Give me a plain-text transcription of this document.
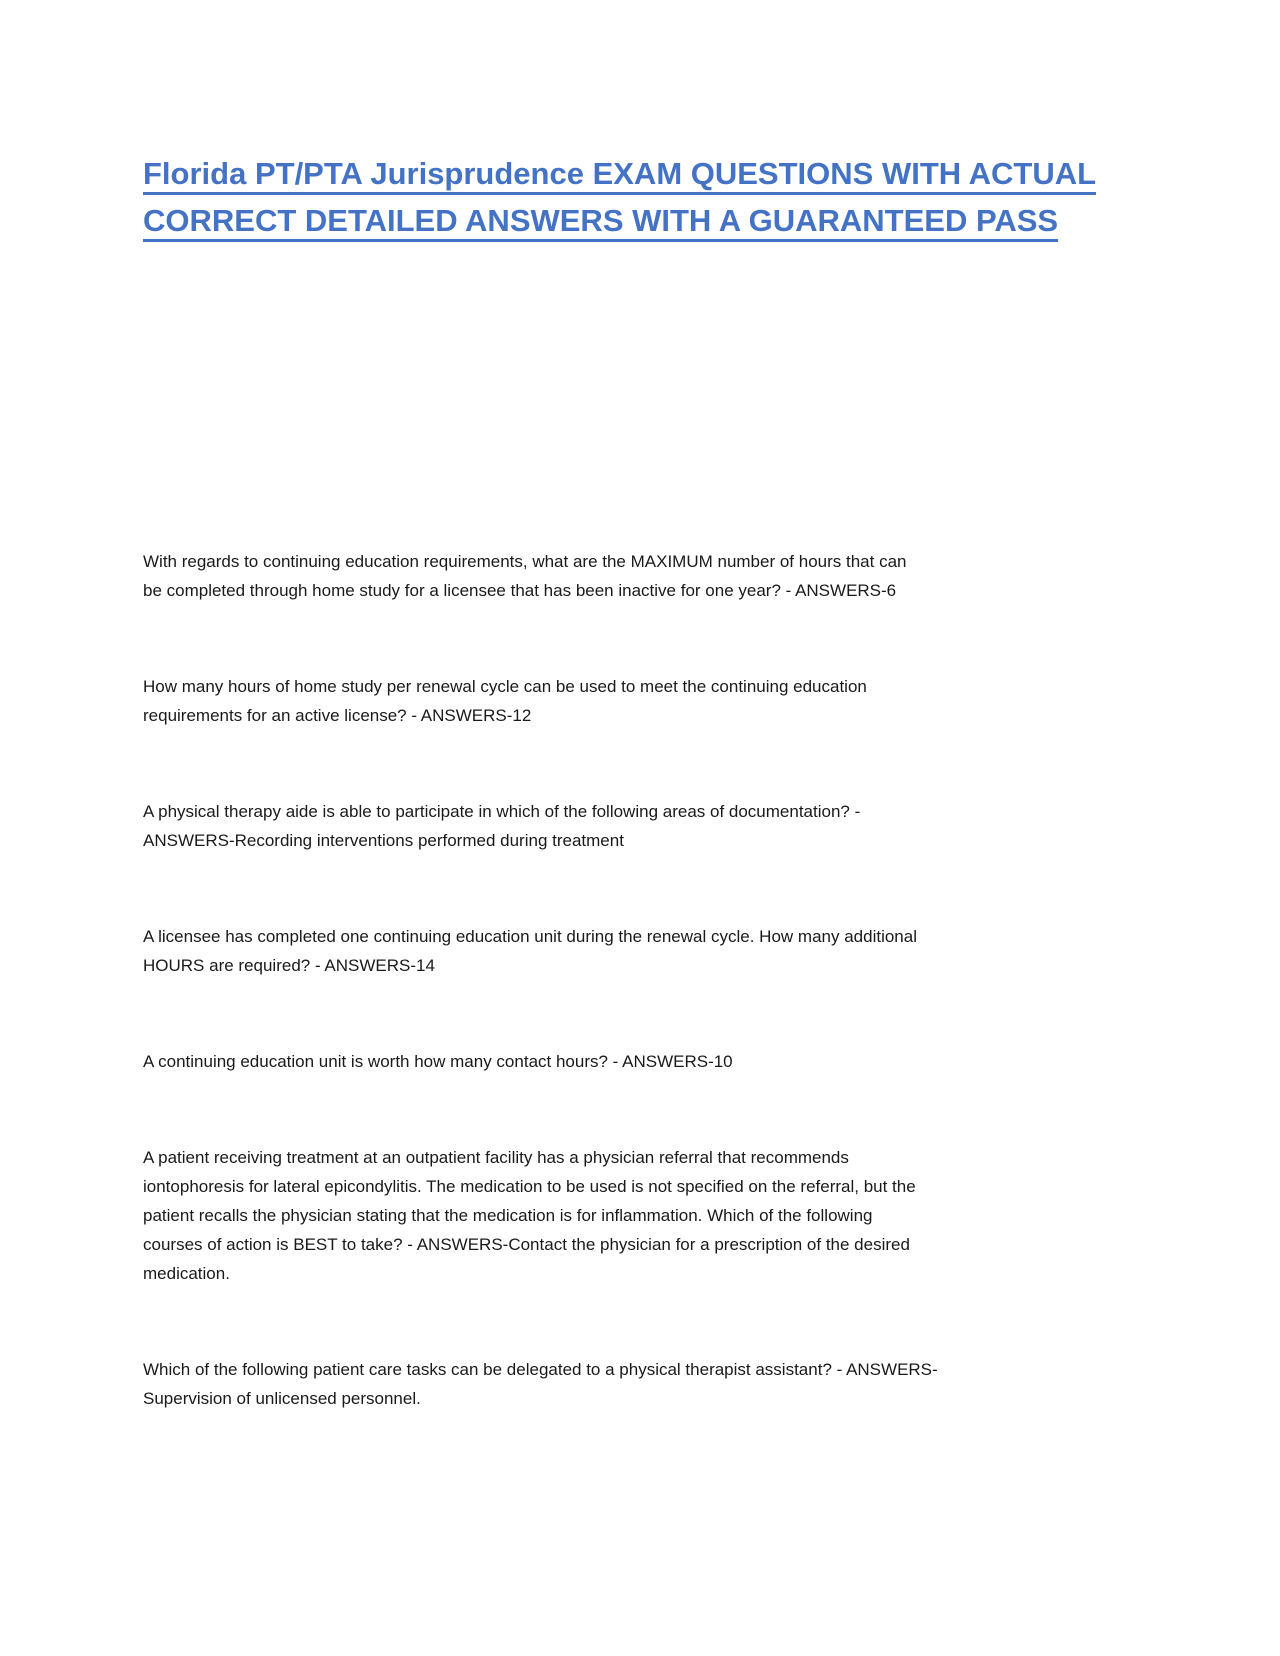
Florida PT/PTA Jurisprudence EXAM QUESTIONS WITH ACTUAL
CORRECT DETAILED ANSWERS WITH A GUARANTEED PASS

With regards to continuing education requirements, what are the MAXIMUM number of hours that can
be completed through home study for a licensee that has been inactive for one year? - ANSWERS-6

How many hours of home study per renewal cycle can be used to meet the continuing education
requirements for an active license? - ANSWERS-12

A physical therapy aide is able to participate in which of the following areas of documentation? -
ANSWERS-Recording interventions performed during treatment

A licensee has completed one continuing education unit during the renewal cycle. How many additional
HOURS are required? - ANSWERS-14

A continuing education unit is worth how many contact hours? - ANSWERS-10

A patient receiving treatment at an outpatient facility has a physician referral that recommends
iontophoresis for lateral epicondylitis. The medication to be used is not specified on the referral, but the
patient recalls the physician stating that the medication is for inflammation. Which of the following
courses of action is BEST to take? - ANSWERS-Contact the physician for a prescription of the desired
medication.

Which of the following patient care tasks can be delegated to a physical therapist assistant? - ANSWERS-
Supervision of unlicensed personnel.
